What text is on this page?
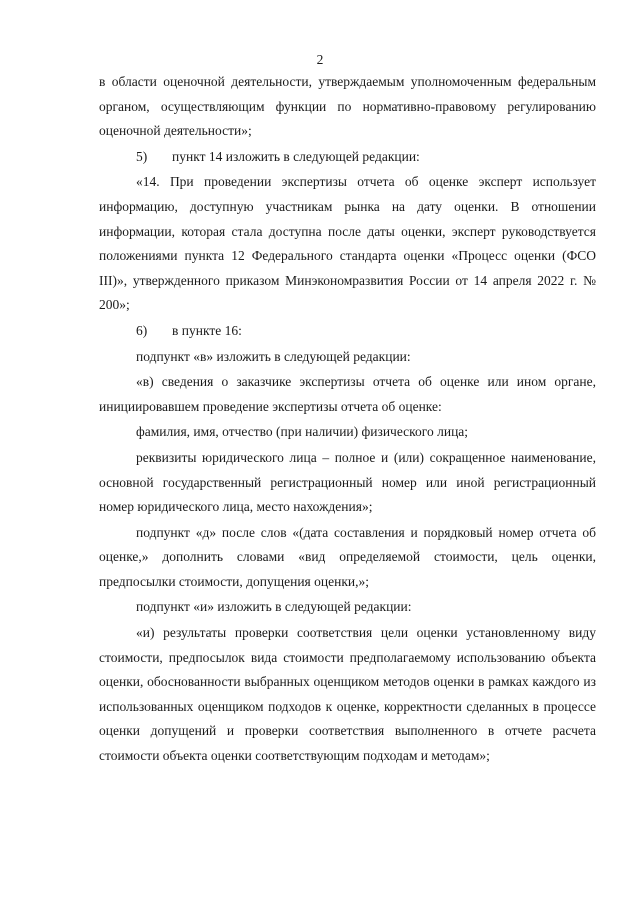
2

в области оценочной деятельности, утверждаемым уполномоченным федеральным органом, осуществляющим функции по нормативно-правовому регулированию оценочной деятельности»;

5) пункт 14 изложить в следующей редакции:

«14. При проведении экспертизы отчета об оценке эксперт использует информацию, доступную участникам рынка на дату оценки. В отношении информации, которая стала доступна после даты оценки, эксперт руководствуется положениями пункта 12 Федерального стандарта оценки «Процесс оценки (ФСО III)», утвержденного приказом Минэкономразвития России от 14 апреля 2022 г. № 200»;

6) в пункте 16:

подпункт «в» изложить в следующей редакции:

«в) сведения о заказчике экспертизы отчета об оценке или ином органе, инициировавшем проведение экспертизы отчета об оценке:

фамилия, имя, отчество (при наличии) физического лица;

реквизиты юридического лица – полное и (или) сокращенное наименование, основной государственный регистрационный номер или иной регистрационный номер юридического лица, место нахождения»;

подпункт «д» после слов «(дата составления и порядковый номер отчета об оценке,» дополнить словами «вид определяемой стоимости, цель оценки, предпосылки стоимости, допущения оценки,»;

подпункт «и» изложить в следующей редакции:

«и) результаты проверки соответствия цели оценки установленному виду стоимости, предпосылок вида стоимости предполагаемому использованию объекта оценки, обоснованности выбранных оценщиком методов оценки в рамках каждого из использованных оценщиком подходов к оценке, корректности сделанных в процессе оценки допущений и проверки соответствия выполненного в отчете расчета стоимости объекта оценки соответствующим подходам и методам»;
